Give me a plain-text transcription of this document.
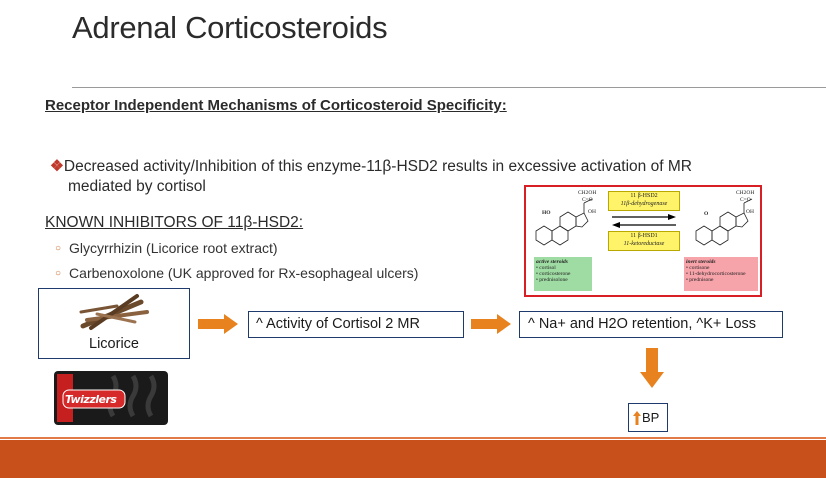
Adrenal Corticosteroids
Receptor Independent Mechanisms of Corticosteroid Specificity:
❖Decreased activity/Inhibition of this enzyme-11β-HSD2 results in excessive activation of MR
mediated by cortisol
KNOWN INHIBITORS OF 11β-HSD2:
○ Glycyrrhizin (Licorice root extract)
○ Carbenoxolone (UK approved for Rx-esophageal ulcers)
Licorice
^ Activity of Cortisol 2 MR	^ Na+ and H2O retention, ^K+ Loss
BP
Twizzlers
CH2OH
C=O
HO	OH
11 β-HSD2
11β-dehydrogenase
11 β-HSD1
11-ketoreductase
CH2OH
C=O
O	OH
active steroids
• cortisol
• corticosterone
• prednisolone
inert steroids
• cortisone
• 11-dehydrocorticosterone
• prednisone
